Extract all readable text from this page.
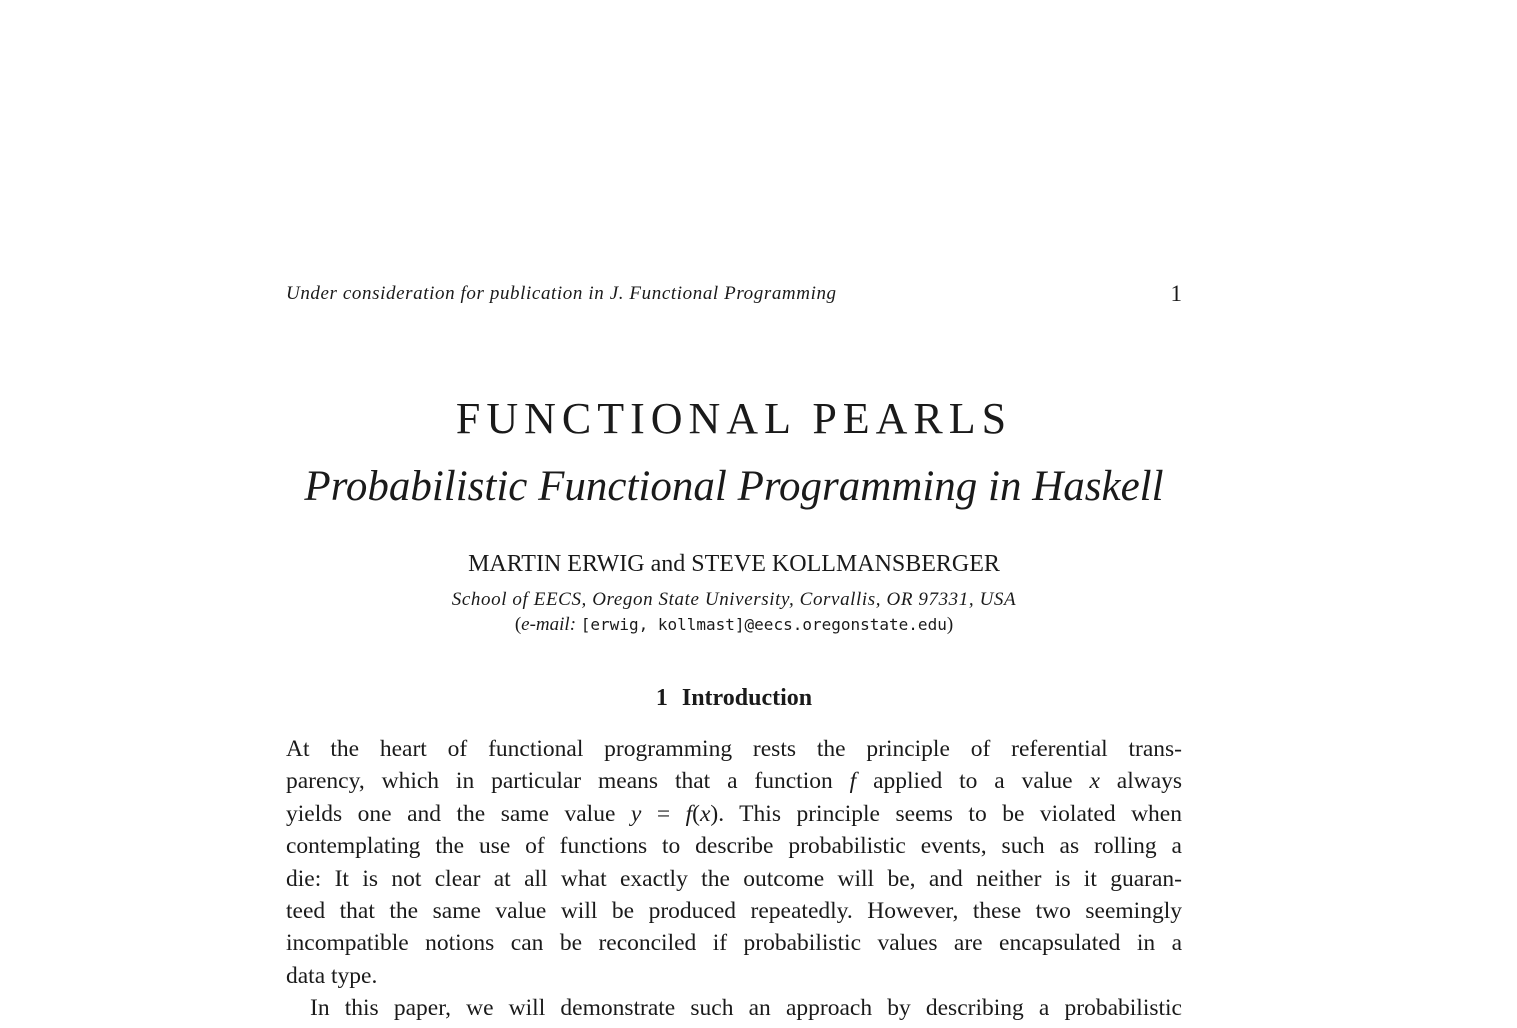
Under consideration for publication in J. Functional Programming	1
FUNCTIONAL PEARLS
Probabilistic Functional Programming in Haskell
MARTIN ERWIG and STEVE KOLLMANSBERGER
School of EECS, Oregon State University, Corvallis, OR 97331, USA
(e-mail: [erwig, kollmast]@eecs.oregonstate.edu)
1 Introduction
At the heart of functional programming rests the principle of referential trans-
parency, which in particular means that a function f applied to a value x always
yields one and the same value y = f(x). This principle seems to be violated when
contemplating the use of functions to describe probabilistic events, such as rolling a
die: It is not clear at all what exactly the outcome will be, and neither is it guaran-
teed that the same value will be produced repeatedly. However, these two seemingly
incompatible notions can be reconciled if probabilistic values are encapsulated in a
data type.
In this paper, we will demonstrate such an approach by describing a probabilistic
